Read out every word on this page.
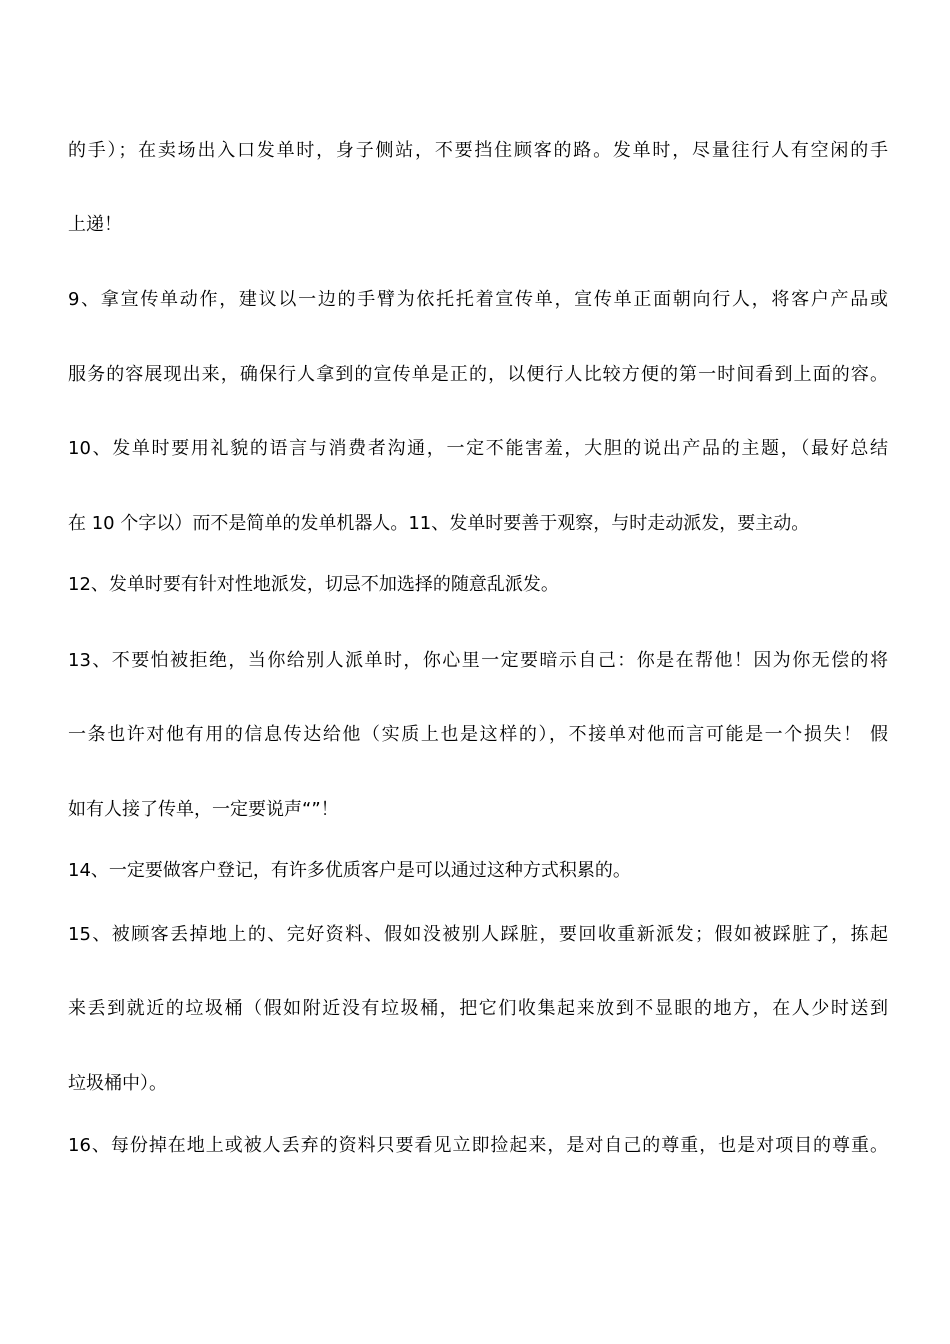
的手）；在卖场出入口发单时，身子侧站，不要挡住顾客的路。发单时，尽量往行人有空闲的手
上递！
9、拿宣传单动作，建议以一边的手臂为依托托着宣传单，宣传单正面朝向行人，将客户产品或
服务的容展现出来，确保行人拿到的宣传单是正的，以便行人比较方便的第一时间看到上面的容。
10、发单时要用礼貌的语言与消费者沟通，一定不能害羞，大胆的说出产品的主题，（最好总结
在 10 个字以）而不是简单的发单机器人。11、发单时要善于观察，与时走动派发，要主动。
12、发单时要有针对性地派发，切忌不加选择的随意乱派发。
13、不要怕被拒绝，当你给别人派单时，你心里一定要暗示自己：你是在帮他！因为你无偿的将
一条也许对他有用的信息传达给他（实质上也是这样的），不接单对他而言可能是一个损失！ 假
如有人接了传单，一定要说声“”！
14、一定要做客户登记，有许多优质客户是可以通过这种方式积累的。
15、被顾客丢掉地上的、完好资料、假如没被别人踩脏，要回收重新派发；假如被踩脏了，拣起
来丢到就近的垃圾桶（假如附近没有垃圾桶，把它们收集起来放到不显眼的地方，在人少时送到
垃圾桶中）。
16、每份掉在地上或被人丢弃的资料只要看见立即捡起来，是对自己的尊重，也是对项目的尊重。
